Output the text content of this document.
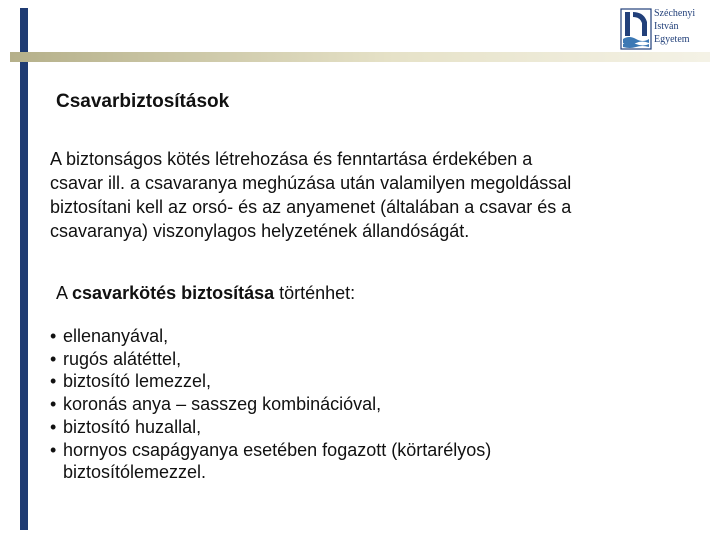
Széchenyi
István
Egyetem
Csavarbiztosítások

A biztonságos kötés létrehozása és fenntartása érdekében a
csavar ill. a csavaranya meghúzása után valamilyen megoldással
biztosítani kell az orsó- és az anyamenet (általában a csavar és a
csavaranya) viszonylagos helyzetének állandóságát.

A csavarkötés biztosítása történhet:

• ellenanyával,
• rugós alátéttel,
• biztosító lemezzel,
• koronás anya – sasszeg kombinációval,
• biztosító huzallal,
• hornyos csapágyanya esetében fogazott (körtarélyos)
biztosítólemezzel.
